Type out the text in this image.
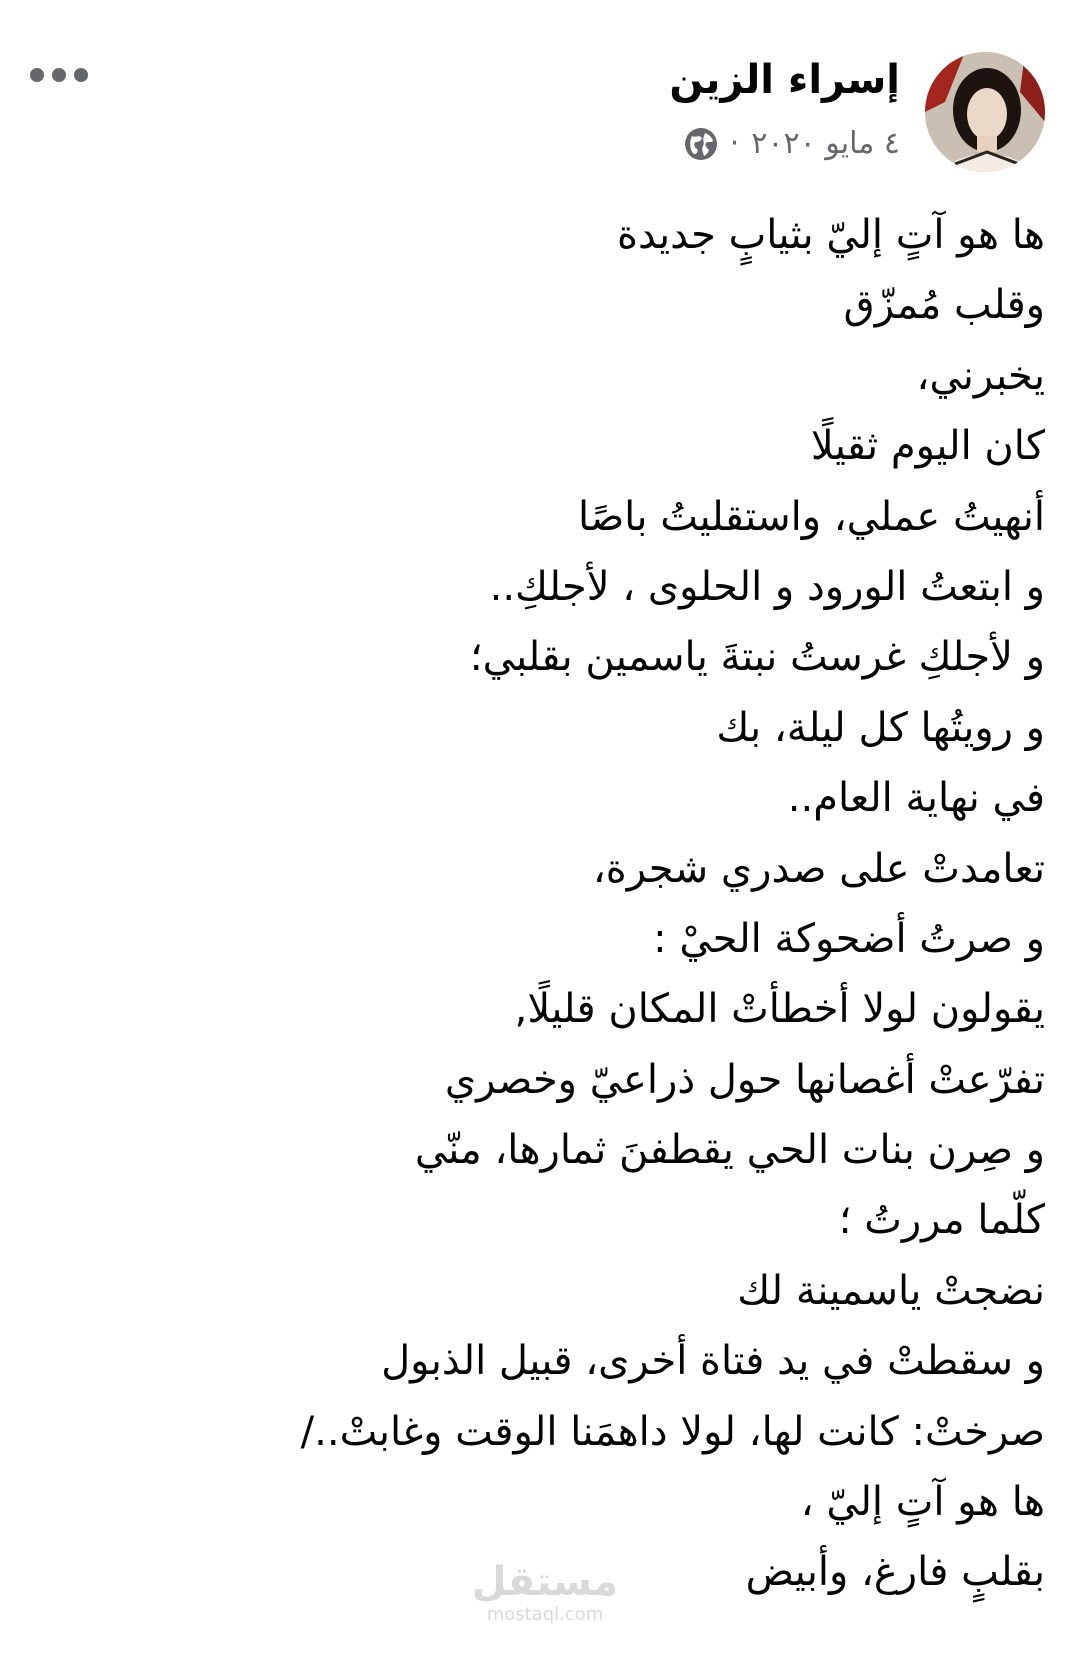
إسراء الزين
٤ مايو ٢٠٢٠
·
ها هو آتٍ إليّ بثيابٍ جديدة
وقلب مُمزّق
يخبرني،
كان اليوم ثقيلًا
أنهيتُ عملي، واستقليتُ باصًا
و ابتعتُ الورود و الحلوى ، لأجلكِ..
و لأجلكِ غرستُ نبتةَ ياسمين بقلبي؛
و رويتُها كل ليلة، بك
في نهاية العام..
تعامدتْ على صدري شجرة،
و صرتُ أضحوكة الحيْ :
يقولون لولا أخطأتْ المكان قليلًا,
تفرّعتْ أغصانها حول ذراعيّ وخصري
و صِرن بنات الحي يقطفنَ ثمارها، منّي
كلّما مررتُ ؛
نضجتْ ياسمينة لك
و سقطتْ في يد فتاة أخرى، قبيل الذبول
صرختْ: كانت لها، لولا داهمَنا الوقت وغابتْ../
ها هو آتٍ إليّ ،
بقلبٍ فارغ، وأبيض
مستقل
mostaql.com
